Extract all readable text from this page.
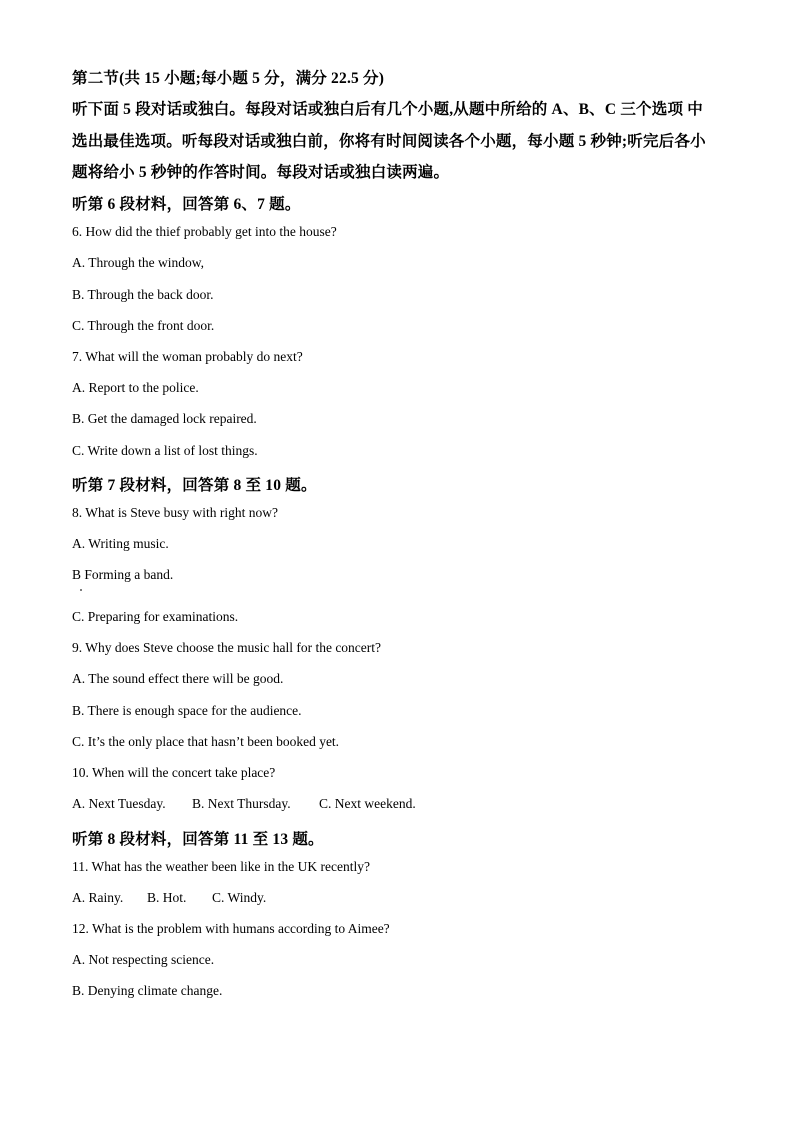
第二节(共 15 小题;每小题 5 分，满分 22.5 分)
听下面 5 段对话或独白。每段对话或独白后有几个小题,从题中所给的 A、B、C 三个选项 中
选出最佳选项。听每段对话或独白前，你将有时间阅读各个小题，每小题 5 秒钟;听完后各小
题将给小 5 秒钟的作答时间。每段对话或独白读两遍。
听第 6 段材料，回答第 6、7 题。
6. How did the thief probably get into the house?
A. Through the window,
B. Through the back door.
C. Through the front door.
7. What will the woman probably do next?
A. Report to the police.
B. Get the damaged lock repaired.
C. Write down a list of lost things.
听第 7 段材料，回答第 8 至 10 题。
8. What is Steve busy with right now?
A. Writing music.
B Forming a band.
C. Preparing for examinations.
9. Why does Steve choose the music hall for the concert?
A. The sound effect there will be good.
B. There is enough space for the audience.
C. It’s the only place that hasn’t been booked yet.
10. When will the concert take place?
A. Next Tuesday. B. Next Thursday. C. Next weekend.
听第 8 段材料，回答第 11 至 13 题。
11. What has the weather been like in the UK recently?
A. Rainy. B. Hot. C. Windy.
12. What is the problem with humans according to Aimee?
A. Not respecting science.
B. Denying climate change.
